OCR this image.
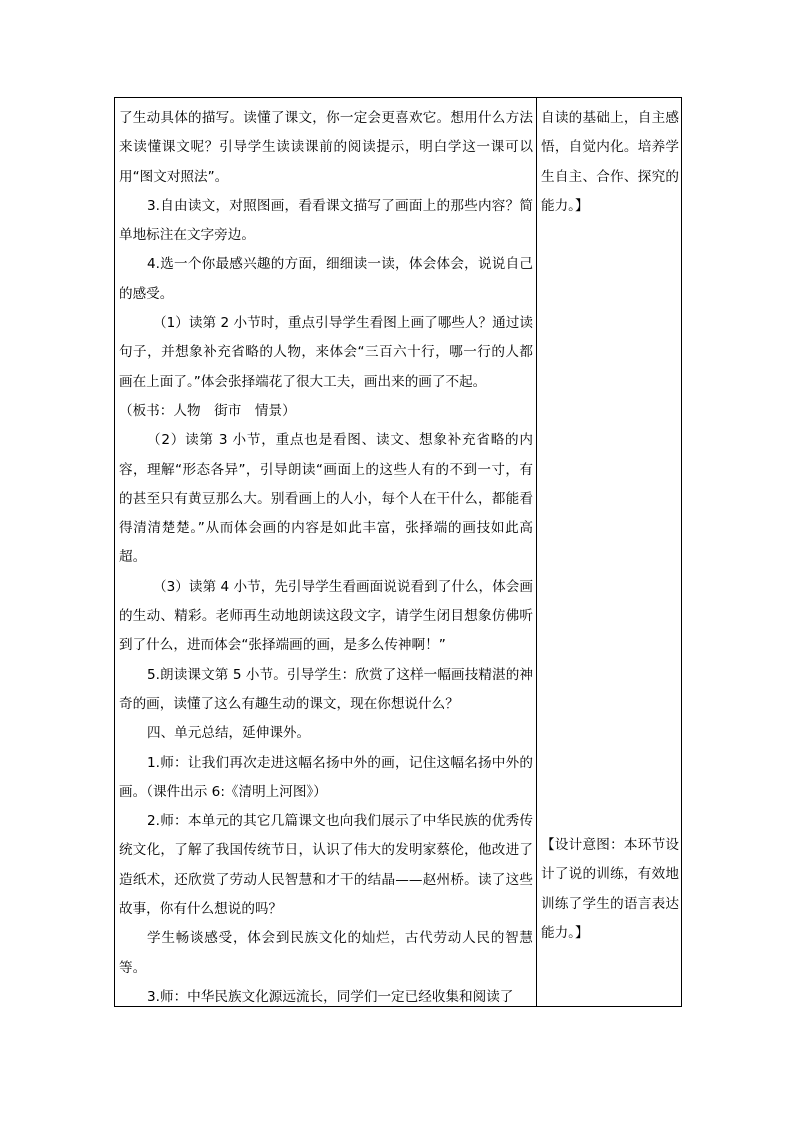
了生动具体的描写。读懂了课文，你一定会更喜欢它。想用什么方法来读懂课文呢？引导学生读读课前的阅读提示，明白学这一课可以用“图文对照法”。

3.自由读文，对照图画，看看课文描写了画面上的那些内容？简单地标注在文字旁边。

4.选一个你最感兴趣的方面，细细读一读，体会体会，说说自己的感受。

（1）读第 2 小节时，重点引导学生看图上画了哪些人？通过读句子，并想象补充省略的人物，来体会“三百六十行，哪一行的人都画在上面了。”体会张择端花了很大工夫，画出来的画了不起。

（板书：人物　街市　情景）

（2）读第 3 小节，重点也是看图、读文、想象补充省略的内容，理解“形态各异”，引导朗读“画面上的这些人有的不到一寸，有的甚至只有黄豆那么大。别看画上的人小，每个人在干什么，都能看得清清楚楚。”从而体会画的内容是如此丰富，张择端的画技如此高超。

（3）读第 4 小节，先引导学生看画面说说看到了什么，体会画的生动、精彩。老师再生动地朗读这段文字，请学生闭目想象仿佛听到了什么，进而体会“张择端画的画，是多么传神啊！”

5.朗读课文第 5 小节。引导学生：欣赏了这样一幅画技精湛的神奇的画，读懂了这么有趣生动的课文，现在你想说什么？

四、单元总结，延伸课外。

1.师：让我们再次走进这幅名扬中外的画，记住这幅名扬中外的画。（课件出示 6:《清明上河图》）

2.师：本单元的其它几篇课文也向我们展示了中华民族的优秀传统文化，了解了我国传统节日，认识了伟大的发明家蔡伦，他改进了造纸术，还欣赏了劳动人民智慧和才干的结晶——赵州桥。读了这些故事，你有什么想说的吗？

学生畅谈感受，体会到民族文化的灿烂，古代劳动人民的智慧等。

3.师：中华民族文化源远流长，同学们一定已经收集和阅读了

自读的基础上，自主感悟，自觉内化。培养学生自主、合作、探究的能力。】

【设计意图：本环节设计了说的训练，有效地训练了学生的语言表达能力。】
